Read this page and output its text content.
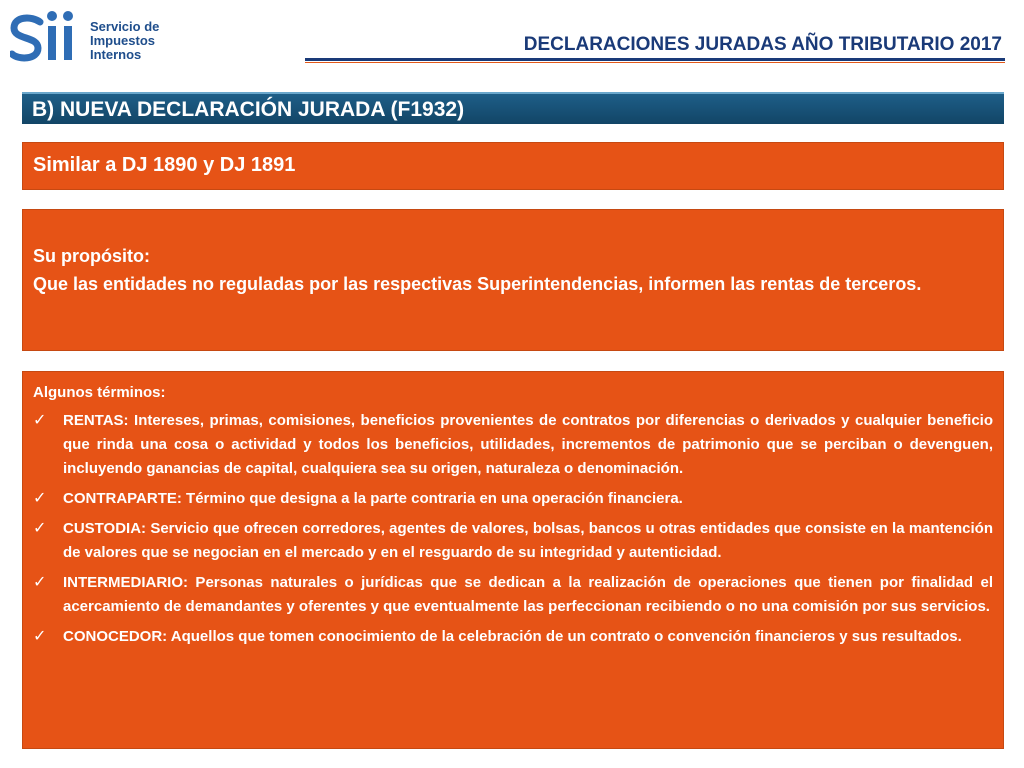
Servicio de
Impuestos
Internos	DECLARACIONES JURADAS AÑO TRIBUTARIO 2017
B) NUEVA DECLARACIÓN JURADA (F1932)
Similar a DJ 1890 y DJ 1891
Su propósito:
Que las entidades no reguladas por las respectivas Superintendencias, informen las rentas de terceros.
Algunos términos:
✓	RENTAS: Intereses, primas, comisiones, beneficios provenientes de contratos por diferencias o derivados y cualquier beneficio que rinda una cosa o actividad y todos los beneficios, utilidades, incrementos de patrimonio que se perciban o devenguen, incluyendo ganancias de capital, cualquiera sea su origen, naturaleza o denominación.
✓	CONTRAPARTE: Término que designa a la parte contraria en una operación financiera.
✓	CUSTODIA: Servicio que ofrecen corredores, agentes de valores, bolsas, bancos u otras entidades que consiste en la mantención de valores que se negocian en el mercado y en el resguardo de su integridad y autenticidad.
✓	INTERMEDIARIO: Personas naturales o jurídicas que se dedican a la realización de operaciones que tienen por finalidad el acercamiento de demandantes y oferentes y que eventualmente las perfeccionan recibiendo o no una comisión por sus servicios.
✓	CONOCEDOR: Aquellos que tomen conocimiento de la celebración de un contrato o convención financieros y sus resultados.
